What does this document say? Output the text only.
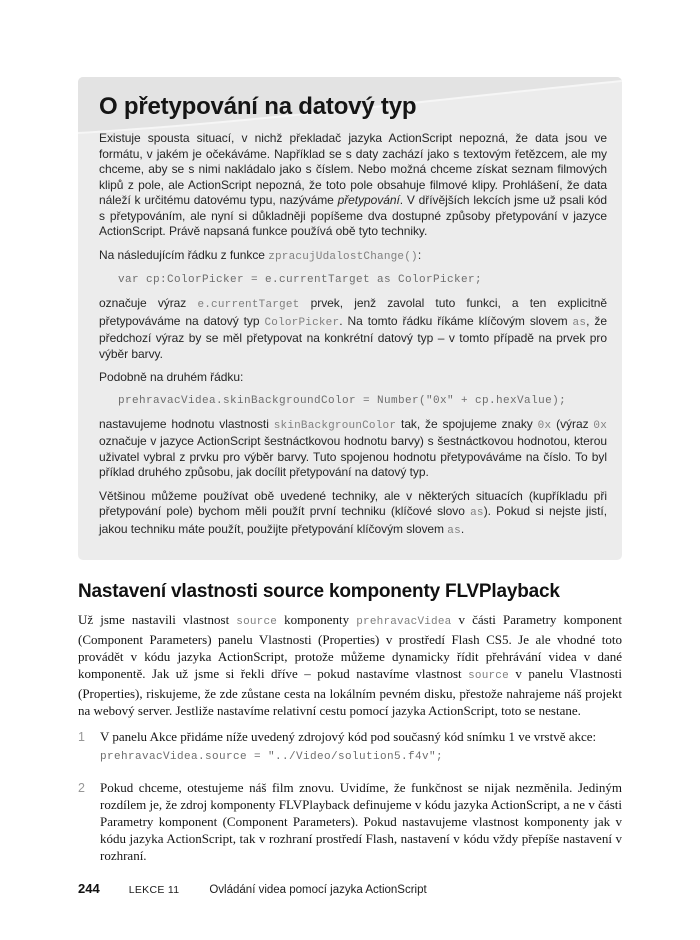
O přetypování na datový typ

Existuje spousta situací, v nichž překladač jazyka ActionScript nepozná, že data jsou ve formátu, v jakém je očekáváme. Například se s daty zachází jako s textovým řetězcem, ale my chceme, aby se s nimi nakládalo jako s číslem. Nebo možná chceme získat seznam filmových klipů z pole, ale ActionScript nepozná, že toto pole obsahuje filmové klipy. Prohlášení, že data náleží k určitému datovému typu, nazýváme přetypování. V dřívějších lekcích jsme už psali kód s přetypováním, ale nyní si důkladněji popíšeme dva dostupné způsoby přetypování v jazyce ActionScript. Právě napsaná funkce používá obě tyto techniky.

Na následujícím řádku z funkce zpracujUdalostChange():

var cp:ColorPicker = e.currentTarget as ColorPicker;

označuje výraz e.currentTarget prvek, jenž zavolal tuto funkci, a ten explicitně přetypováváme na datový typ ColorPicker. Na tomto řádku říkáme klíčovým slovem as, že předchozí výraz by se měl přetypovat na konkrétní datový typ – v tomto případě na prvek pro výběr barvy.

Podobně na druhém řádku:

prehravacVidea.skinBackgroundColor = Number("0x" + cp.hexValue);

nastavujeme hodnotu vlastnosti skinBackgrounColor tak, že spojujeme znaky 0x (výraz 0x označuje v jazyce ActionScript šestnáctkovou hodnotu barvy) s šestnáctkovou hodnotou, kterou uživatel vybral z prvku pro výběr barvy. Tuto spojenou hodnotu přetypováváme na číslo. To byl příklad druhého způsobu, jak docílit přetypování na datový typ.

Většinou můžeme používat obě uvedené techniky, ale v některých situacích (kupříkladu při přetypování pole) bychom měli použít první techniku (klíčové slovo as). Pokud si nejste jistí, jakou techniku máte použít, použijte přetypování klíčovým slovem as.

Nastavení vlastnosti source komponenty FLVPlayback

Už jsme nastavili vlastnost source komponenty prehravacVidea v části Parametry komponent (Component Parameters) panelu Vlastnosti (Properties) v prostředí Flash CS5. Je ale vhodné toto provádět v kódu jazyka ActionScript, protože můžeme dynamicky řídit přehrávání videa v dané komponentě. Jak už jsme si řekli dříve – pokud nastavíme vlastnost source v panelu Vlastnosti (Properties), riskujeme, že zde zůstane cesta na lokálním pevném disku, přestože nahrajeme náš projekt na webový server. Jestliže nastavíme relativní cestu pomocí jazyka ActionScript, toto se nestane.

1	V panelu Akce přidáme níže uvedený zdrojový kód pod současný kód snímku 1 ve vrstvě akce:

prehravacVidea.source = "../Video/solution5.f4v";
2	Pokud chceme, otestujeme náš film znovu. Uvidíme, že funkčnost se nijak nezměnila. Jediným rozdílem je, že zdroj komponenty FLVPlayback definujeme v kódu jazyka ActionScript, a ne v části Parametry komponent (Component Parameters). Pokud nastavujeme vlastnost komponenty jak v kódu jazyka ActionScript, tak v rozhraní prostředí Flash, nastavení v kódu vždy přepíše nastavení v rozhraní.

244	LEKCE 11	Ovládání videa pomocí jazyka ActionScript
